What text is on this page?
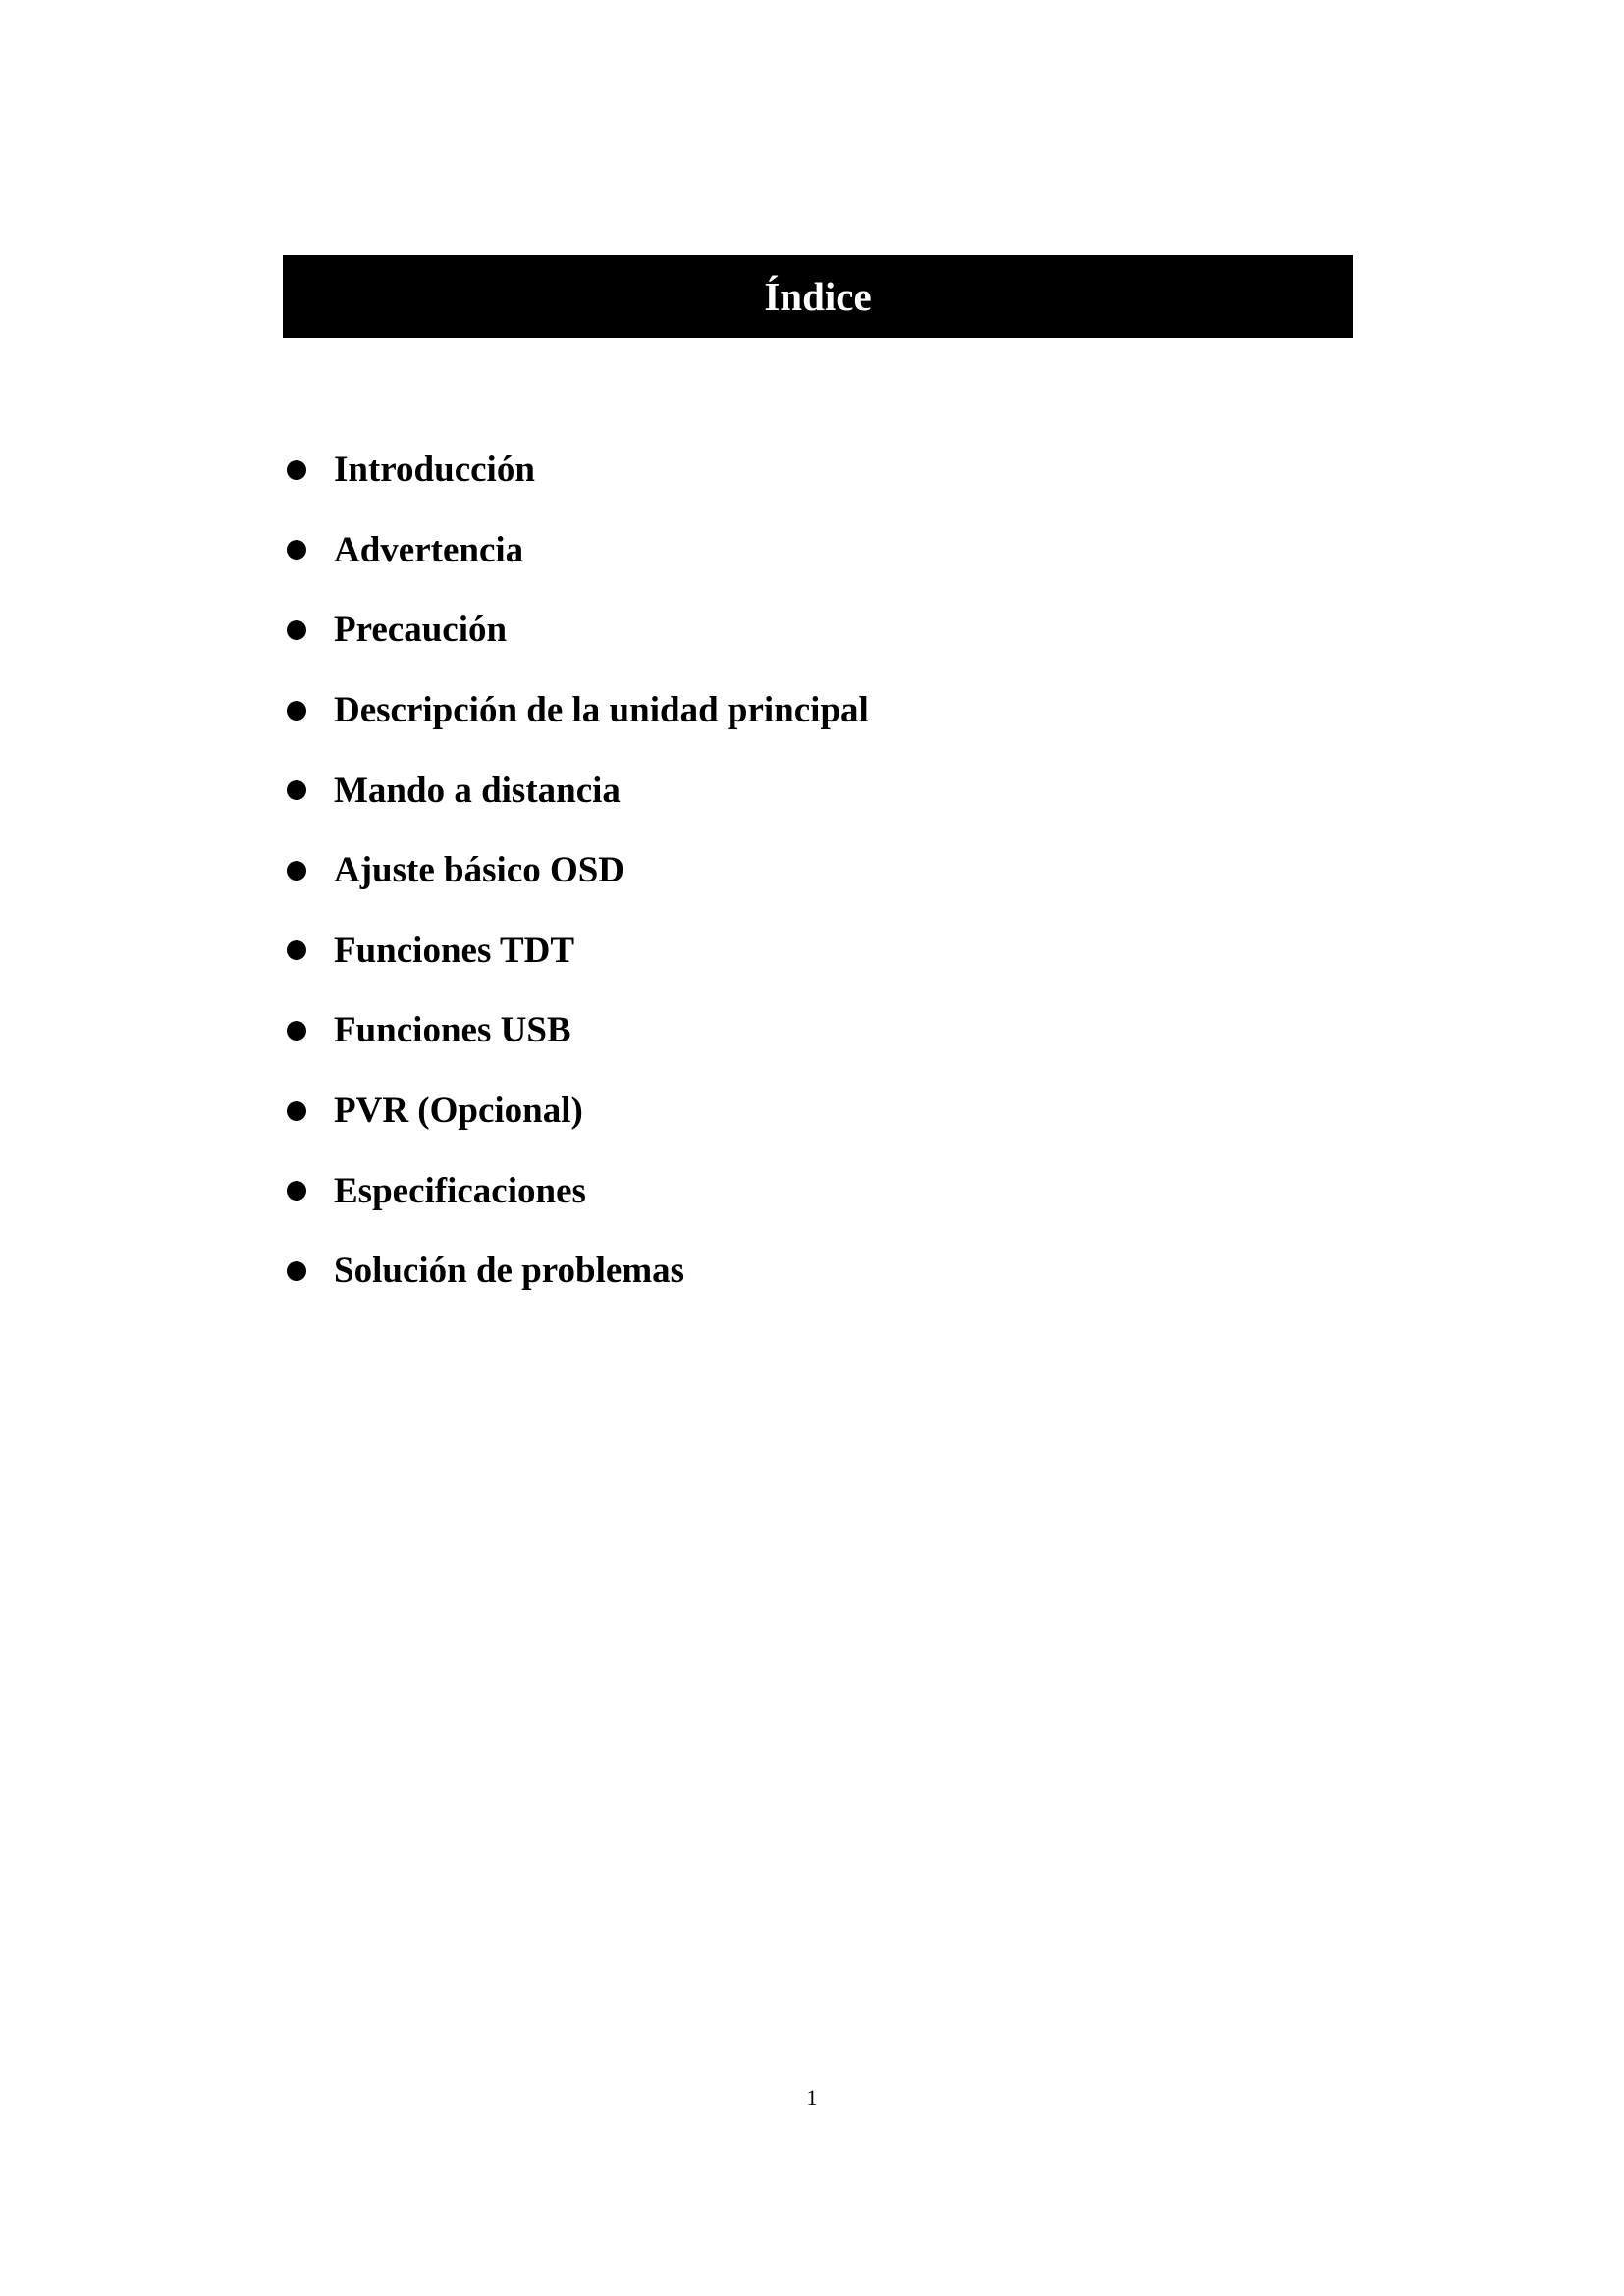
Índice
Introducción
Advertencia
Precaución
Descripción de la unidad principal
Mando a distancia
Ajuste básico OSD
Funciones TDT
Funciones USB
PVR (Opcional)
Especificaciones
Solución de problemas
1
